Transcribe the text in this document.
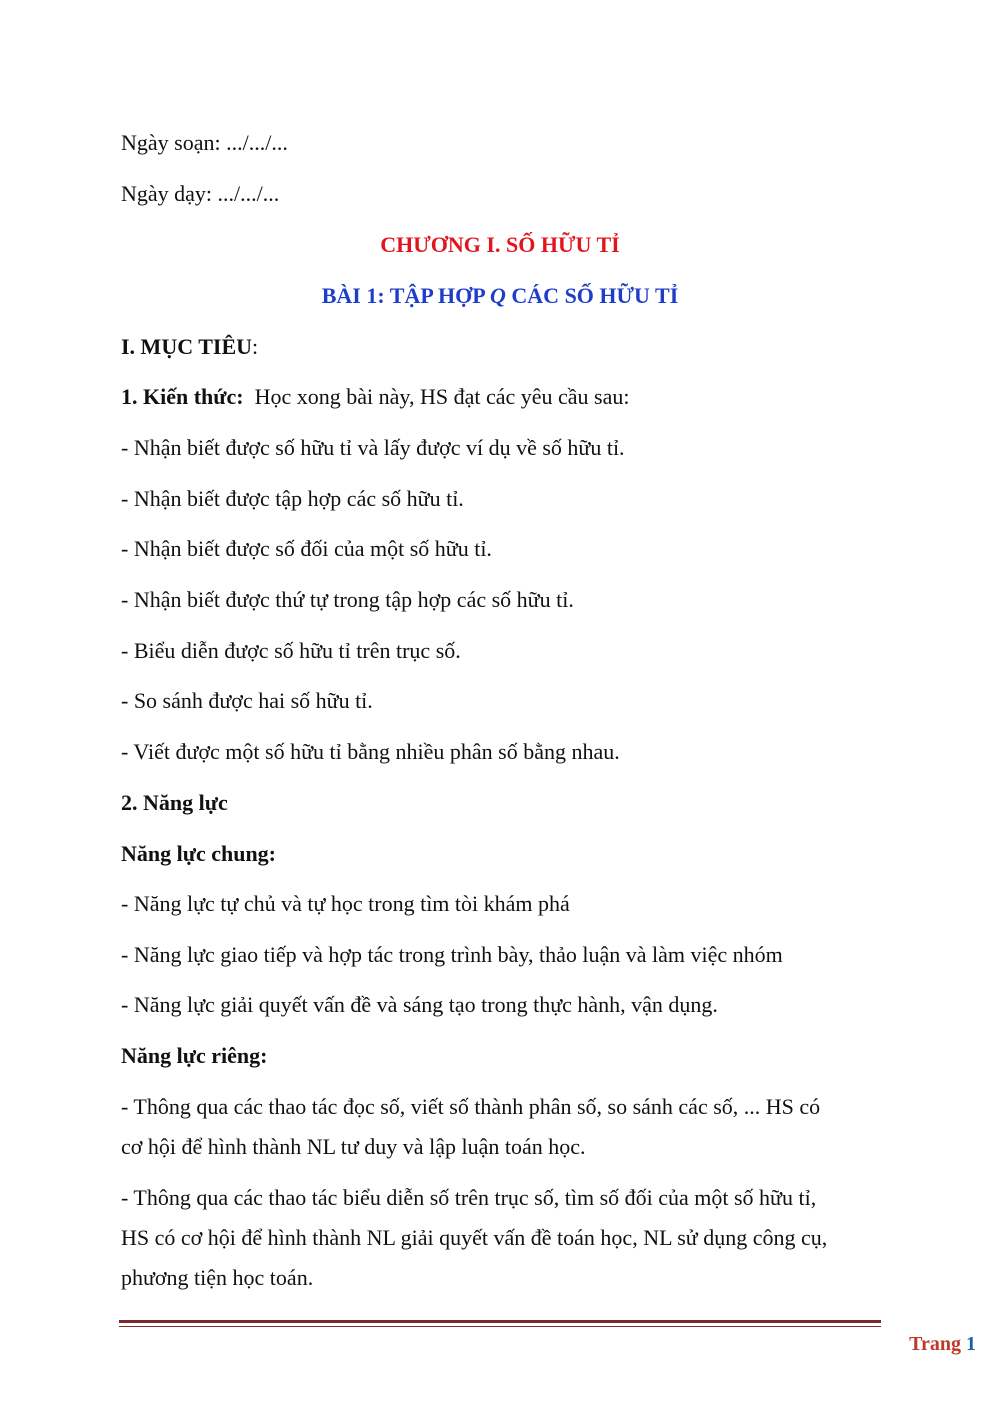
Ngày soạn: .../.../...
Ngày dạy: .../.../...
CHƯƠNG I. SỐ HỮU TỈ
BÀI 1: TẬP HỢP Q CÁC SỐ HỮU TỈ
I. MỤC TIÊU:
1. Kiến thức:  Học xong bài này, HS đạt các yêu cầu sau:
- Nhận biết được số hữu tỉ và lấy được ví dụ về số hữu tỉ.
- Nhận biết được tập hợp các số hữu tỉ.
- Nhận biết được số đối của một số hữu tỉ.
- Nhận biết được thứ tự trong tập hợp các số hữu tỉ.
- Biểu diễn được số hữu tỉ trên trục số.
- So sánh được hai số hữu tỉ.
- Viết được một số hữu tỉ bằng nhiều phân số bằng nhau.
2. Năng lực
Năng lực chung:
- Năng lực tự chủ và tự học trong tìm tòi khám phá
- Năng lực giao tiếp và hợp tác trong trình bày, thảo luận và làm việc nhóm
- Năng lực giải quyết vấn đề và sáng tạo trong thực hành, vận dụng.
Năng lực riêng:
- Thông qua các thao tác đọc số, viết số thành phân số, so sánh các số, ... HS có
cơ hội để hình thành NL tư duy và lập luận toán học.
- Thông qua các thao tác biểu diễn số trên trục số, tìm số đối của một số hữu tỉ,
HS có cơ hội để hình thành NL giải quyết vấn đề toán học, NL sử dụng công cụ,
phương tiện học toán.
Trang 1
